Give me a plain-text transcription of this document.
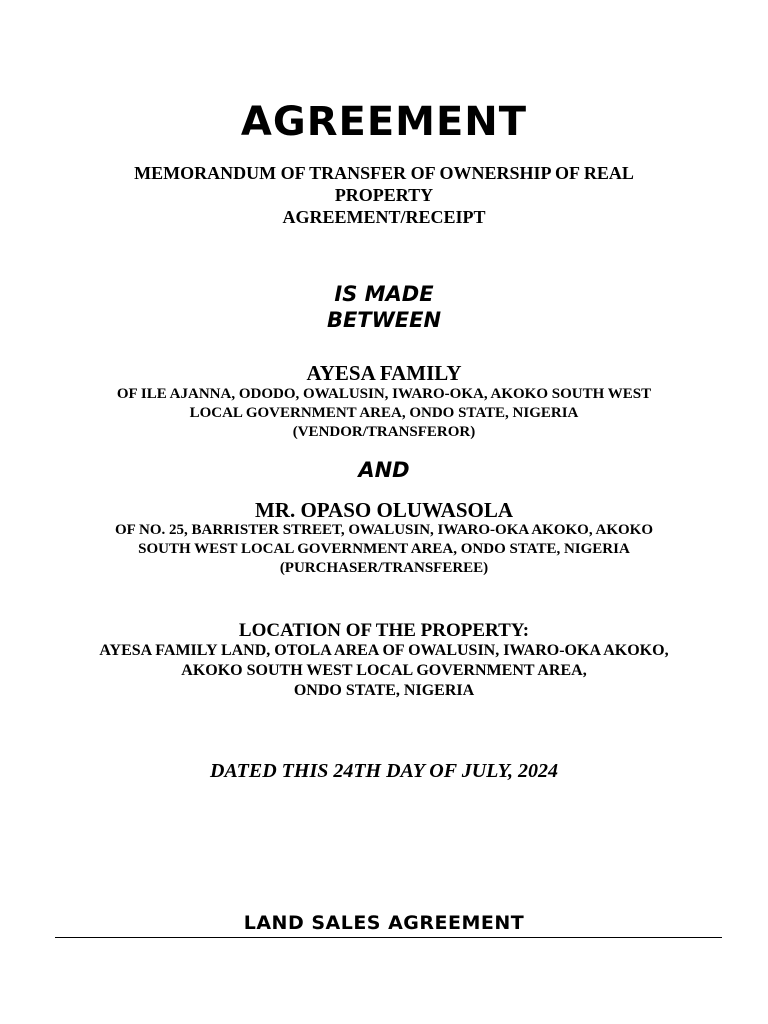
AGREEMENT
MEMORANDUM OF TRANSFER OF OWNERSHIP OF REAL
PROPERTY
AGREEMENT/RECEIPT
IS MADE
BETWEEN
AYESA FAMILY
OF ILE AJANNA, ODODO, OWALUSIN, IWARO-OKA, AKOKO SOUTH WEST
LOCAL GOVERNMENT AREA, ONDO STATE, NIGERIA
(VENDOR/TRANSFEROR)
AND
MR. OPASO OLUWASOLA
OF NO. 25, BARRISTER STREET, OWALUSIN, IWARO-OKA AKOKO, AKOKO
SOUTH WEST LOCAL GOVERNMENT AREA, ONDO STATE, NIGERIA
(PURCHASER/TRANSFEREE)
LOCATION OF THE PROPERTY:
AYESA FAMILY LAND, OTOLA AREA OF OWALUSIN, IWARO-OKA AKOKO,
AKOKO SOUTH WEST LOCAL GOVERNMENT AREA,
ONDO STATE, NIGERIA
DATED THIS 24TH DAY OF JULY, 2024
LAND SALES AGREEMENT
